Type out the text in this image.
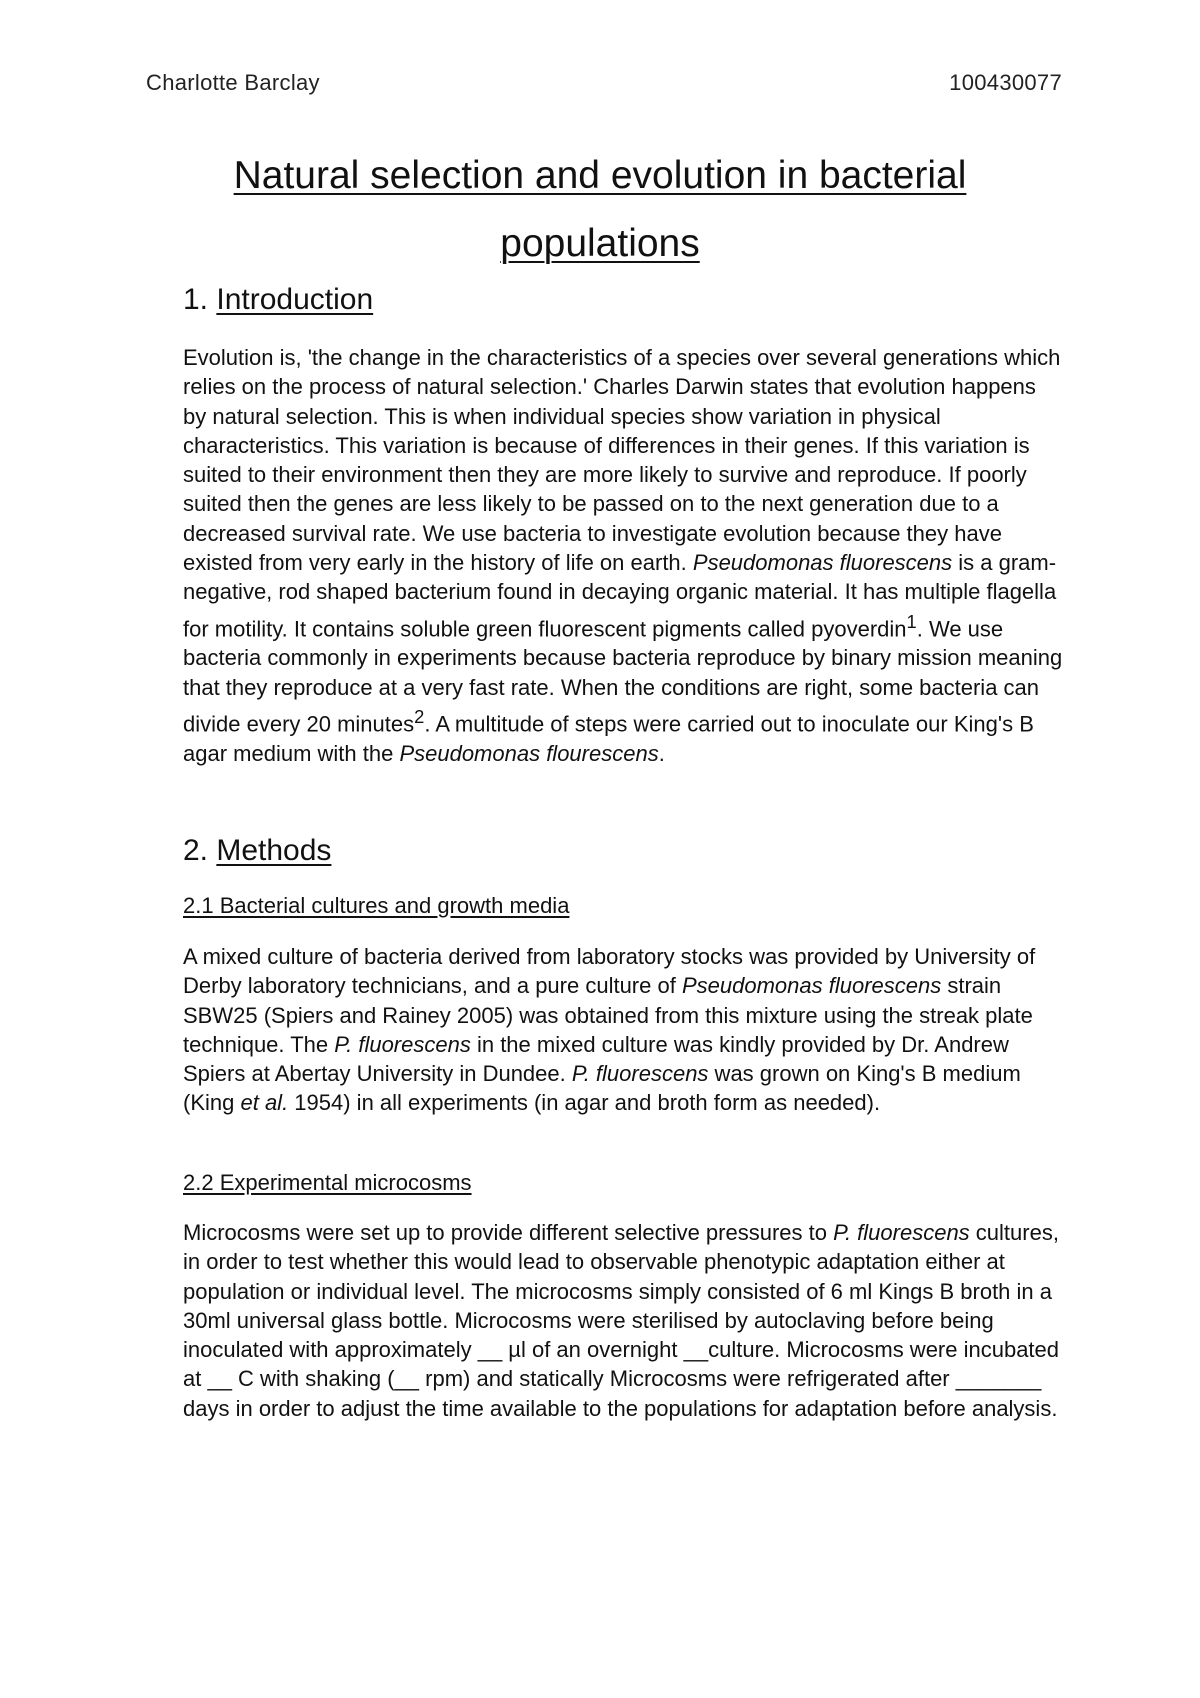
Charlotte Barclay	100430077
Natural selection and evolution in bacterial
populations
1. Introduction

Evolution is, 'the change in the characteristics of a species over several generations which relies on the process of natural selection.' Charles Darwin states that evolution happens by natural selection. This is when individual species show variation in physical characteristics. This variation is because of differences in their genes. If this variation is suited to their environment then they are more likely to survive and reproduce. If poorly suited then the genes are less likely to be passed on to the next generation due to a decreased survival rate. We use bacteria to investigate evolution because they have existed from very early in the history of life on earth. Pseudomonas fluorescens is a gram-negative, rod shaped bacterium found in decaying organic material. It has multiple flagella for motility. It contains soluble green fluorescent pigments called pyoverdin$^1$. We use bacteria commonly in experiments because bacteria reproduce by binary mission meaning that they reproduce at a very fast rate. When the conditions are right, some bacteria can divide every 20 minutes$^2$. A multitude of steps were carried out to inoculate our King's B agar medium with the Pseudomonas flourescens.

2. Methods
2.1 Bacterial cultures and growth media

A mixed culture of bacteria derived from laboratory stocks was provided by University of Derby laboratory technicians, and a pure culture of Pseudomonas fluorescens strain SBW25 (Spiers and Rainey 2005) was obtained from this mixture using the streak plate technique. The P. fluorescens in the mixed culture was kindly provided by Dr. Andrew Spiers at Abertay University in Dundee. P. fluorescens was grown on King's B medium (King et al. 1954) in all experiments (in agar and broth form as needed).

2.2 Experimental microcosms

Microcosms were set up to provide different selective pressures to P. fluorescens cultures, in order to test whether this would lead to observable phenotypic adaptation either at population or individual level. The microcosms simply consisted of 6 ml Kings B broth in a 30ml universal glass bottle. Microcosms were sterilised by autoclaving before being inoculated with approximately __ µl of an overnight __culture. Microcosms were incubated at __ C with shaking (__ rpm) and statically Microcosms were refrigerated after _______ days in order to adjust the time available to the populations for adaptation before analysis.
